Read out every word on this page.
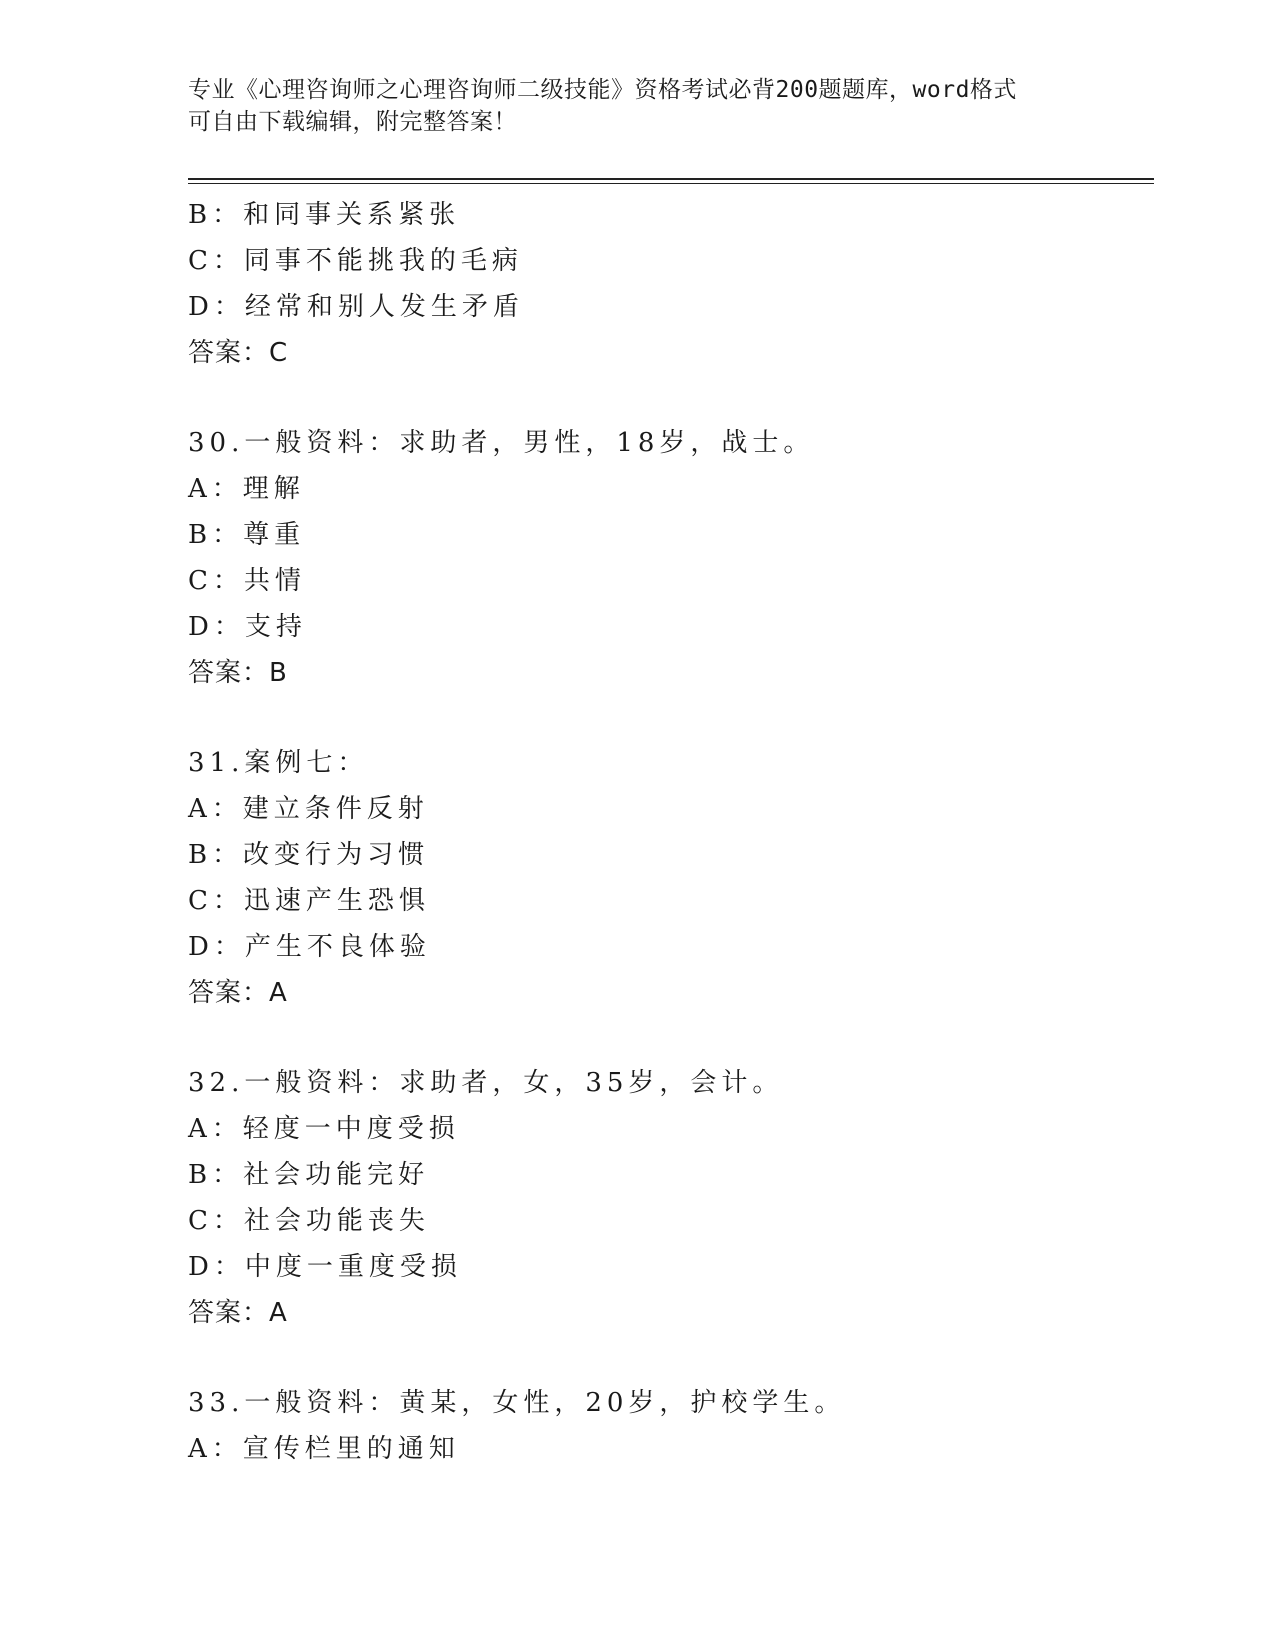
专业《心理咨询师之心理咨询师二级技能》资格考试必背200题题库，word格式
可自由下载编辑，附完整答案！
B：和同事关系紧张
C：同事不能挑我的毛病
D：经常和别人发生矛盾
答案：C
30.一般资料：求助者，男性，18岁，战士。
A：理解
B：尊重
C：共情
D：支持
答案：B
31.案例七：
A：建立条件反射
B：改变行为习惯
C：迅速产生恐惧
D：产生不良体验
答案：A
32.一般资料：求助者，女，35岁，会计。
A：轻度一中度受损
B：社会功能完好
C：社会功能丧失
D：中度一重度受损
答案：A
33.一般资料：黄某，女性，20岁，护校学生。
A：宣传栏里的通知
